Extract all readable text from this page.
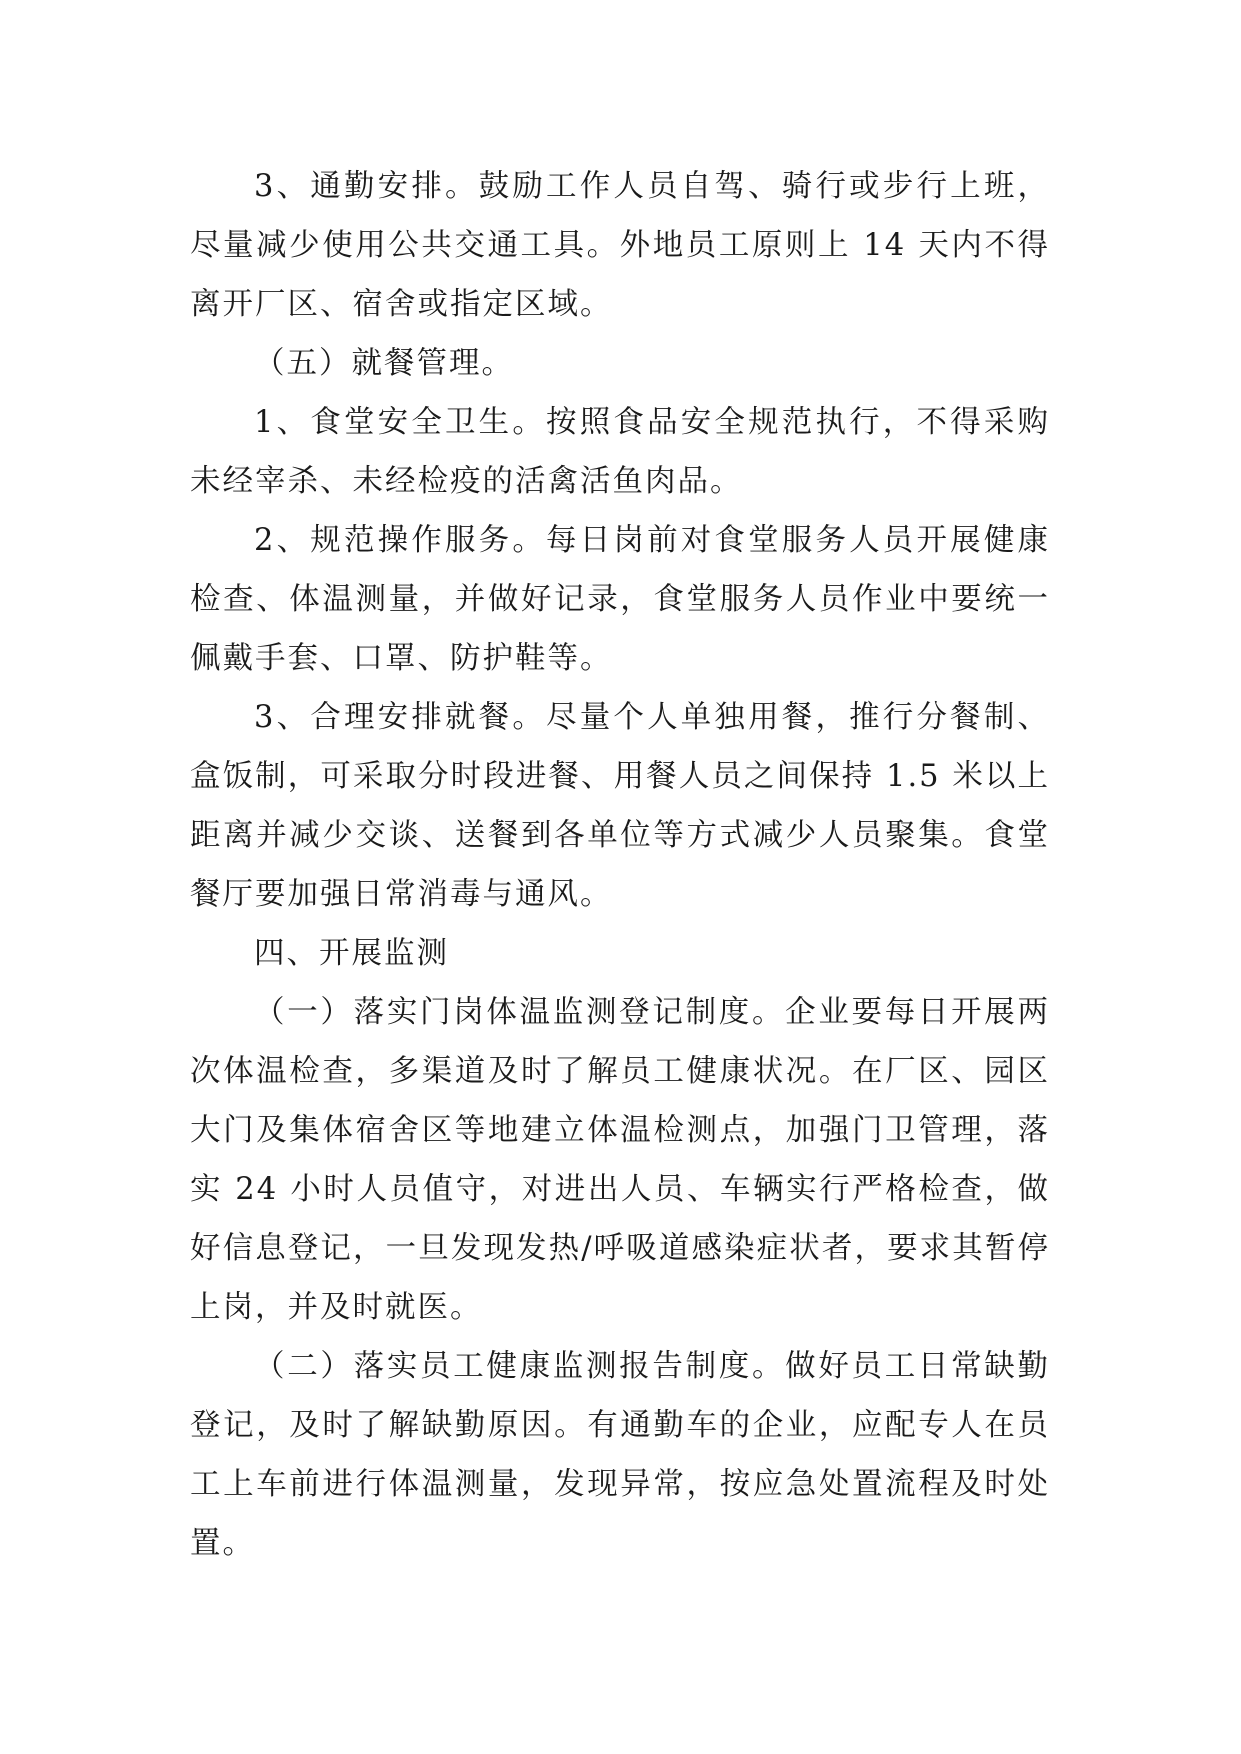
3、通勤安排。鼓励工作人员自驾、骑行或步行上班，尽量减少使用公共交通工具。外地员工原则上 14 天内不得离开厂区、宿舍或指定区域。

（五）就餐管理。

1、食堂安全卫生。按照食品安全规范执行，不得采购未经宰杀、未经检疫的活禽活鱼肉品。

2、规范操作服务。每日岗前对食堂服务人员开展健康检查、体温测量，并做好记录，食堂服务人员作业中要统一佩戴手套、口罩、防护鞋等。

3、合理安排就餐。尽量个人单独用餐，推行分餐制、盒饭制，可采取分时段进餐、用餐人员之间保持 1.5 米以上距离并减少交谈、送餐到各单位等方式减少人员聚集。食堂餐厅要加强日常消毒与通风。

四、开展监测

（一）落实门岗体温监测登记制度。企业要每日开展两次体温检查，多渠道及时了解员工健康状况。在厂区、园区大门及集体宿舍区等地建立体温检测点，加强门卫管理，落实 24 小时人员值守，对进出人员、车辆实行严格检查，做好信息登记，一旦发现发热/呼吸道感染症状者，要求其暂停上岗，并及时就医。

（二）落实员工健康监测报告制度。做好员工日常缺勤登记，及时了解缺勤原因。有通勤车的企业，应配专人在员工上车前进行体温测量，发现异常，按应急处置流程及时处置。
